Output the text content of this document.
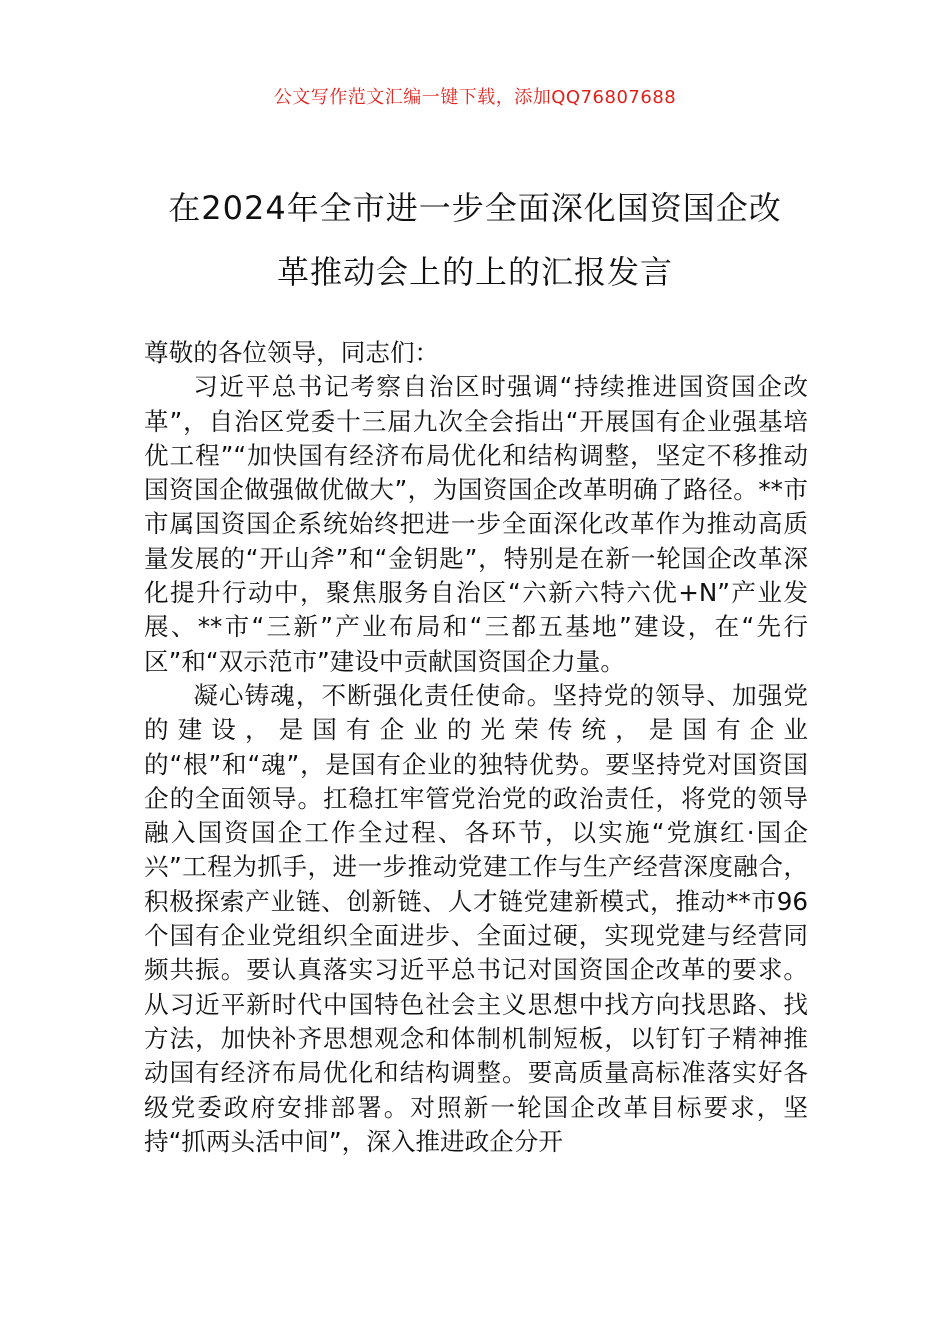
公文写作范文汇编一键下载，添加QQ76807688
在2024年全市进一步全面深化国资国企改
革推动会上的上的汇报发言

尊敬的各位领导，同志们：

习近平总书记考察自治区时强调“持续推进国资国企改革”，自治区党委十三届九次全会指出“开展国有企业强基培优工程”“加快国有经济布局优化和结构调整，坚定不移推动国资国企做强做优做大”，为国资国企改革明确了路径。**市市属国资国企系统始终把进一步全面深化改革作为推动高质量发展的“开山斧”和“金钥匙”，特别是在新一轮国企改革深化提升行动中，聚焦服务自治区“六新六特六优+N”产业发展、**市“三新”产业布局和“三都五基地”建设，在“先行区”和“双示范市”建设中贡献国资国企力量。

凝心铸魂，不断强化责任使命。坚持党的领导、加强党的建设，是国有企业的光荣传统，是国有企业的“根”和“魂”，是国有企业的独特优势。要坚持党对国资国企的全面领导。扛稳扛牢管党治党的政治责任，将党的领导融入国资国企工作全过程、各环节，以实施“党旗红·国企兴”工程为抓手，进一步推动党建工作与生产经营深度融合，积极探索产业链、创新链、人才链党建新模式，推动**市96个国有企业党组织全面进步、全面过硬，实现党建与经营同频共振。要认真落实习近平总书记对国资国企改革的要求。从习近平新时代中国特色社会主义思想中找方向找思路、找方法，加快补齐思想观念和体制机制短板，以钉钉子精神推动国有经济布局优化和结构调整。要高质量高标准落实好各级党委政府安排部署。对照新一轮国企改革目标要求，坚持“抓两头活中间”，深入推进政企分开
